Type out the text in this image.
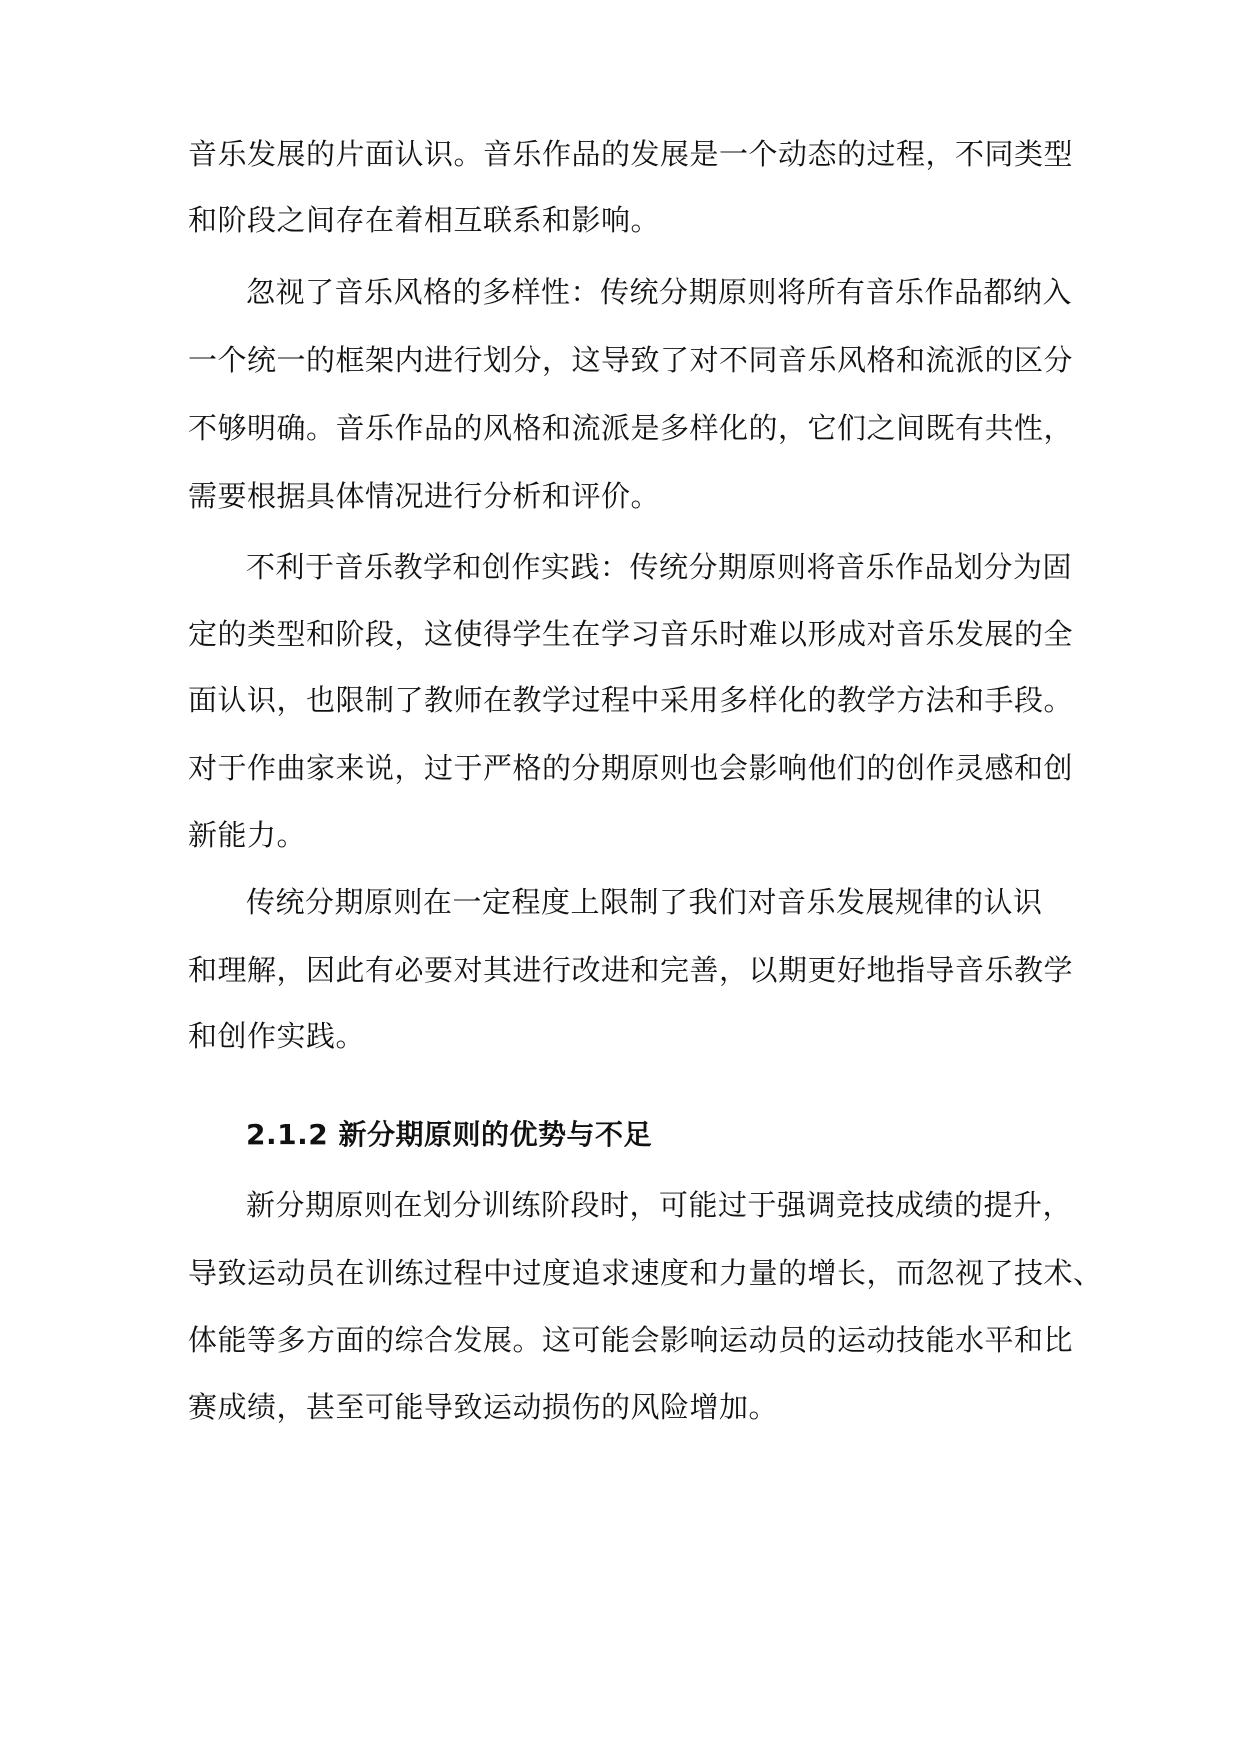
音乐发展的片面认识。音乐作品的发展是一个动态的过程，不同类型
和阶段之间存在着相互联系和影响。
忽视了音乐风格的多样性：传统分期原则将所有音乐作品都纳入
一个统一的框架内进行划分，这导致了对不同音乐风格和流派的区分
不够明确。音乐作品的风格和流派是多样化的，它们之间既有共性，
需要根据具体情况进行分析和评价。
不利于音乐教学和创作实践：传统分期原则将音乐作品划分为固
定的类型和阶段，这使得学生在学习音乐时难以形成对音乐发展的全
面认识，也限制了教师在教学过程中采用多样化的教学方法和手段。
对于作曲家来说，过于严格的分期原则也会影响他们的创作灵感和创
新能力。
传统分期原则在一定程度上限制了我们对音乐发展规律的认识
和理解，因此有必要对其进行改进和完善，以期更好地指导音乐教学
和创作实践。
2.1.2 新分期原则的优势与不足
新分期原则在划分训练阶段时，可能过于强调竞技成绩的提升，
导致运动员在训练过程中过度追求速度和力量的增长，而忽视了技术、
体能等多方面的综合发展。这可能会影响运动员的运动技能水平和比
赛成绩，甚至可能导致运动损伤的风险增加。
